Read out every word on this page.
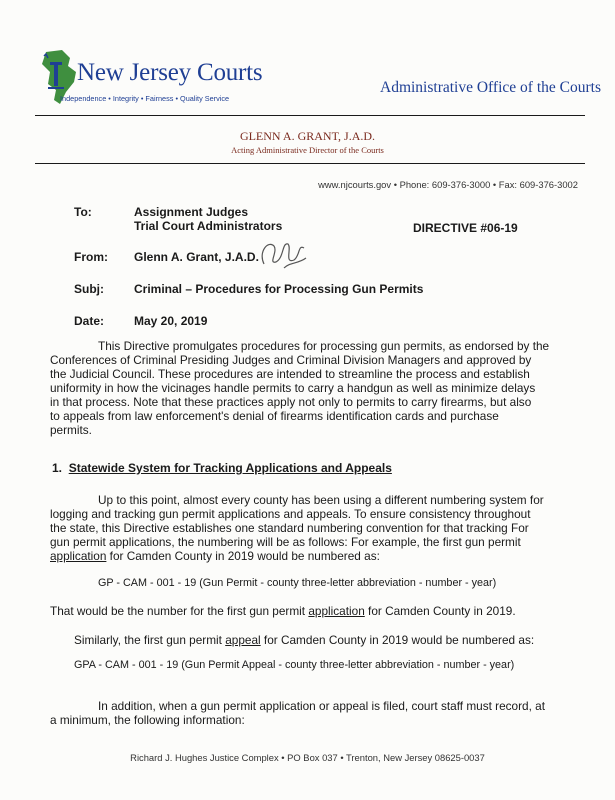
New Jersey Courts
Independence • Integrity • Fairness • Quality Service
Administrative Office of the Courts
GLENN A. GRANT, J.A.D.
Acting Administrative Director of the Courts
www.njcourts.gov • Phone: 609-376-3000 • Fax: 609-376-3002
To:	Assignment Judges
Trial Court Administrators	DIRECTIVE #06-19
From: Glenn A. Grant, J.A.D.
Subj:	Criminal – Procedures for Processing Gun Permits
Date: May 20, 2019
This Directive promulgates procedures for processing gun permits, as endorsed by the
Conferences of Criminal Presiding Judges and Criminal Division Managers and approved by
the Judicial Council. These procedures are intended to streamline the process and establish
uniformity in how the vicinages handle permits to carry a handgun as well as minimize delays
in that process. Note that these practices apply not only to permits to carry firearms, but also
to appeals from law enforcement's denial of firearms identification cards and purchase
permits.
1. Statewide System for Tracking Applications and Appeals
Up to this point, almost every county has been using a different numbering system for
logging and tracking gun permit applications and appeals. To ensure consistency throughout
the state, this Directive establishes one standard numbering convention for that tracking For
gun permit applications, the numbering will be as follows: For example, the first gun permit
application for Camden County in 2019 would be numbered as:
GP - CAM - 001 - 19 (Gun Permit - county three-letter abbreviation - number - year)
That would be the number for the first gun permit application for Camden County in 2019.
Similarly, the first gun permit appeal for Camden County in 2019 would be numbered as:
GPA - CAM - 001 - 19 (Gun Permit Appeal - county three-letter abbreviation - number - year)
In addition, when a gun permit application or appeal is filed, court staff must record, at
a minimum, the following information:
Richard J. Hughes Justice Complex • PO Box 037 • Trenton, New Jersey 08625-0037
